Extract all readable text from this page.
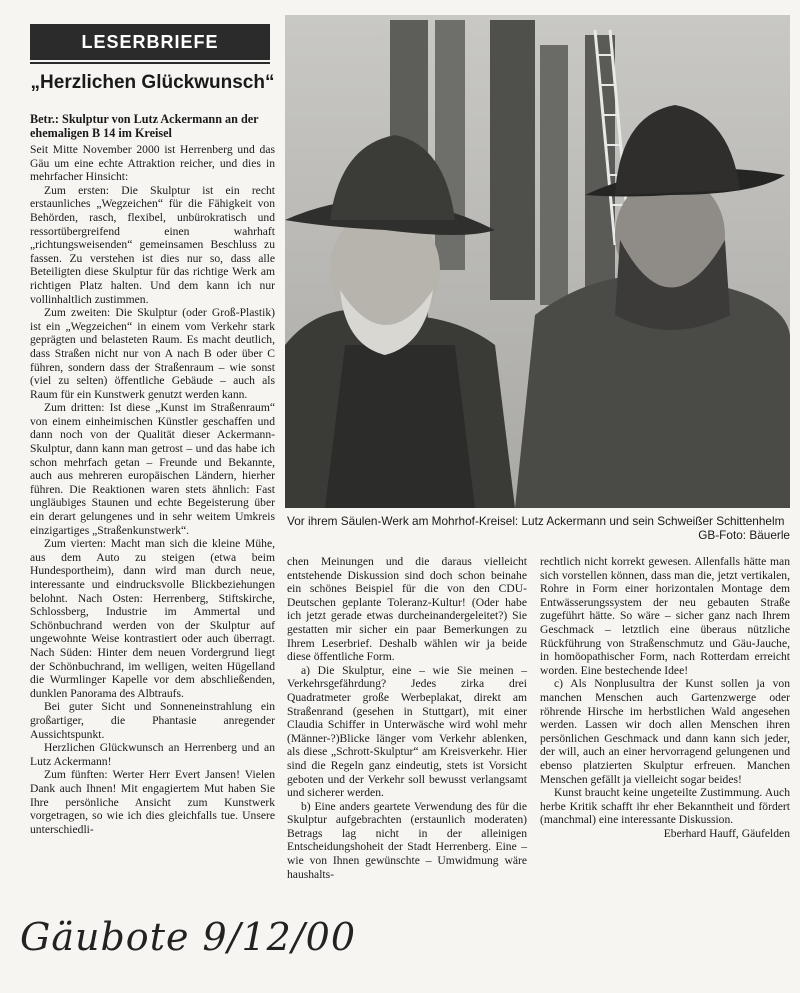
LESERBRIEFE
„Herzlichen Glückwunsch“
Betr.: Skulptur von Lutz Ackermann an der ehemaligen B 14 im Kreisel

Seit Mitte November 2000 ist Herrenberg und das Gäu um eine echte Attraktion reicher, und dies in mehrfacher Hinsicht:

Zum ersten: Die Skulptur ist ein recht erstaunliches „Wegzeichen“ für die Fähigkeit von Behörden, rasch, flexibel, unbürokratisch und ressortübergreifend einen wahrhaft „richtungsweisenden“ gemeinsamen Beschluss zu fassen. Zu verstehen ist dies nur so, dass alle Beteiligten diese Skulptur für das richtige Werk am richtigen Platz halten. Und dem kann ich nur vollinhaltlich zustimmen.

Zum zweiten: Die Skulptur (oder Groß-Plastik) ist ein „Wegzeichen“ in einem vom Verkehr stark geprägten und belasteten Raum. Es macht deutlich, dass Straßen nicht nur von A nach B oder über C führen, sondern dass der Straßenraum – wie sonst (viel zu selten) öffentliche Gebäude – auch als Raum für ein Kunstwerk genutzt werden kann.

Zum dritten: Ist diese „Kunst im Straßenraum“ von einem einheimischen Künstler geschaffen und dann noch von der Qualität dieser Ackermann-Skulptur, dann kann man getrost – und das habe ich schon mehrfach getan – Freunde und Bekannte, auch aus mehreren europäischen Ländern, hierher führen. Die Reaktionen waren stets ähnlich: Fast ungläubiges Staunen und echte Begeisterung über ein derart gelungenes und in sehr weitem Umkreis einzigartiges „Straßenkunstwerk“.

Zum vierten: Macht man sich die kleine Mühe, aus dem Auto zu steigen (etwa beim Hundesportheim), dann wird man durch neue, interessante und eindrucksvolle Blickbeziehungen belohnt. Nach Osten: Herrenberg, Stiftskirche, Schlossberg, Industrie im Ammertal und Schönbuchrand werden von der Skulptur auf ungewohnte Weise kontrastiert oder auch überragt. Nach Süden: Hinter dem neuen Vordergrund liegt der Schönbuchrand, im welligen, weiten Hügelland die Wurmlinger Kapelle vor dem abschließenden, dunklen Panorama des Albtraufs.

Bei guter Sicht und Sonneneinstrahlung ein großartiger, die Phantasie anregender Aussichtspunkt.

Herzlichen Glückwunsch an Herrenberg und an Lutz Ackermann!

Zum fünften: Werter Herr Evert Jansen! Vielen Dank auch Ihnen! Mit engagiertem Mut haben Sie Ihre persönliche Ansicht zum Kunstwerk vorgetragen, so wie ich dies gleichfalls tue. Unsere unterschiedli-

Vor ihrem Säulen-Werk am Mohrhof-Kreisel: Lutz Ackermann und sein Schweißer Schittenhelm
GB-Foto: Bäuerle

chen Meinungen und die daraus vielleicht entstehende Diskussion sind doch schon beinahe ein schönes Beispiel für die von den CDU-Deutschen geplante Toleranz-Kultur! (Oder habe ich jetzt gerade etwas durcheinandergeleitet?) Sie gestatten mir sicher ein paar Bemerkungen zu Ihrem Leserbrief. Deshalb wählen wir ja beide diese öffentliche Form.

a) Die Skulptur, eine – wie Sie meinen – Verkehrsgefährdung? Jedes zirka drei Quadratmeter große Werbeplakat, direkt am Straßenrand (gesehen in Stuttgart), mit einer Claudia Schiffer in Unterwäsche wird wohl mehr (Männer-?)Blicke länger vom Verkehr ablenken, als diese „Schrott-Skulptur“ am Kreisverkehr. Hier sind die Regeln ganz eindeutig, stets ist Vorsicht geboten und der Verkehr soll bewusst verlangsamt und sicherer werden.

b) Eine anders geartete Verwendung des für die Skulptur aufgebrachten (erstaunlich moderaten) Betrags lag nicht in der alleinigen Entscheidungshoheit der Stadt Herrenberg. Eine – wie von Ihnen gewünschte – Umwidmung wäre haushalts-

rechtlich nicht korrekt gewesen. Allenfalls hätte man sich vorstellen können, dass man die, jetzt vertikalen, Rohre in Form einer horizontalen Montage dem Entwässerungssystem der neu gebauten Straße zugeführt hätte. So wäre – sicher ganz nach Ihrem Geschmack – letztlich eine überaus nützliche Rückführung von Straßenschmutz und Gäu-Jauche, in homöopathischer Form, nach Rotterdam erreicht worden. Eine bestechende Idee!

c) Als Nonplusultra der Kunst sollen ja von manchen Menschen auch Gartenzwerge oder röhrende Hirsche im herbstlichen Wald angesehen werden. Lassen wir doch allen Menschen ihren persönlichen Geschmack und dann kann sich jeder, der will, auch an einer hervorragend gelungenen und ebenso platzierten Skulptur erfreuen. Manchen Menschen gefällt ja vielleicht sogar beides!

Kunst braucht keine ungeteilte Zustimmung. Auch herbe Kritik schafft ihr eher Bekanntheit und fördert (manchmal) eine interessante Diskussion.

Eberhard Hauff, Gäufelden

Gäubote 9/12/00
